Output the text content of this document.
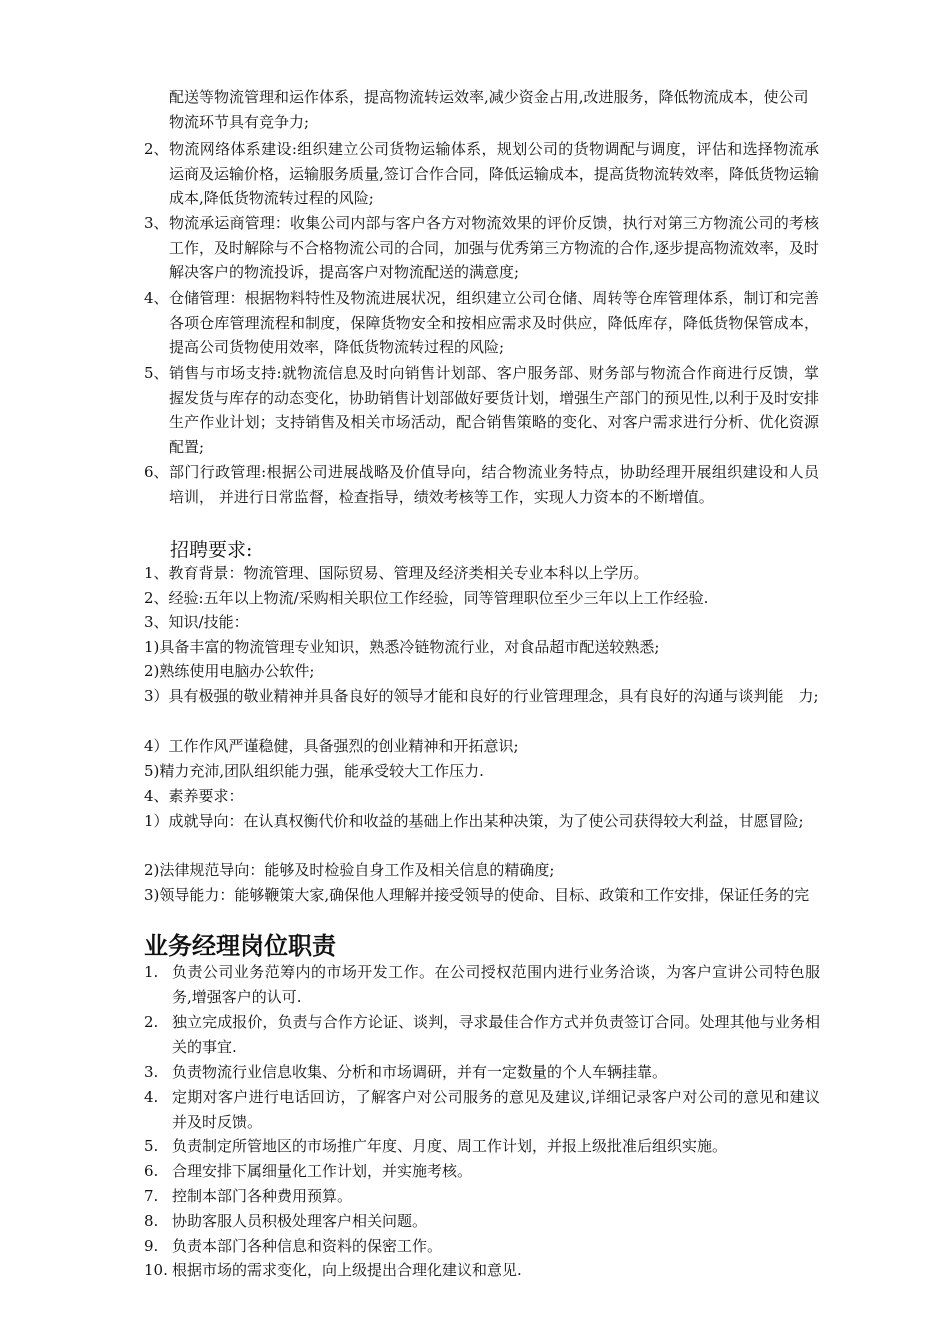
配送等物流管理和运作体系，提高物流转运效率,减少资金占用,改进服务，降低物流成本，使公司物流环节具有竞争力;
2、 物流网络体系建设:组织建立公司货物运输体系，规划公司的货物调配与调度，评估和选择物流承运商及运输价格，运输服务质量,签订合作合同，降低运输成本，提高货物流转效率，降低货物运输成本,降低货物流转过程的风险;
3、 物流承运商管理：收集公司内部与客户各方对物流效果的评价反馈，执行对第三方物流公司的考核工作，及时解除与不合格物流公司的合同，加强与优秀第三方物流的合作,逐步提高物流效率，及时解决客户的物流投诉，提高客户对物流配送的满意度;
4、 仓储管理：根据物料特性及物流进展状况，组织建立公司仓储、周转等仓库管理体系，制订和完善各项仓库管理流程和制度，保障货物安全和按相应需求及时供应，降低库存，降低货物保管成本，提高公司货物使用效率，降低货物流转过程的风险;
5、 销售与市场支持:就物流信息及时向销售计划部、客户服务部、财务部与物流合作商进行反馈，掌握发货与库存的动态变化，协助销售计划部做好要货计划，增强生产部门的预见性,以利于及时安排生产作业计划；支持销售及相关市场活动，配合销售策略的变化、对客户需求进行分析、优化资源配置;
6、 部门行政管理:根据公司进展战略及价值导向，结合物流业务特点，协助经理开展组织建设和人员培训， 并进行日常监督，检查指导，绩效考核等工作，实现人力资本的不断增值。
招聘要求:
1、教育背景：物流管理、国际贸易、管理及经济类相关专业本科以上学历。
2、经验:五年以上物流/采购相关职位工作经验，同等管理职位至少三年以上工作经验.
3、知识/技能：
1)具备丰富的物流管理专业知识，熟悉冷链物流行业，对食品超市配送较熟悉;
2)熟练使用电脑办公软件;
3）具有极强的敬业精神并具备良好的领导才能和良好的行业管理理念，具有良好的沟通与谈判能　力;
4）工作作风严谨稳健，具备强烈的创业精神和开拓意识;
5)精力充沛,团队组织能力强，能承受较大工作压力.
4、素养要求：
1）成就导向：在认真权衡代价和收益的基础上作出某种决策，为了使公司获得较大利益，甘愿冒险;
2)法律规范导向：能够及时检验自身工作及相关信息的精确度;
3)领导能力：能够鞭策大家,确保他人理解并接受领导的使命、目标、政策和工作安排，保证任务的完
业务经理岗位职责
1. 负责公司业务范筹内的市场开发工作。在公司授权范围内进行业务洽谈，为客户宣讲公司特色服务,增强客户的认可.
2. 独立完成报价，负责与合作方论证、谈判，寻求最佳合作方式并负责签订合同。处理其他与业务相关的事宜.
3. 负责物流行业信息收集、分析和市场调研，并有一定数量的个人车辆挂靠。
4. 定期对客户进行电话回访，了解客户对公司服务的意见及建议,详细记录客户对公司的意见和建议并及时反馈。
5. 负责制定所管地区的市场推广年度、月度、周工作计划，并报上级批准后组织实施。
6. 合理安排下属细量化工作计划，并实施考核。
7. 控制本部门各种费用预算。
8. 协助客服人员积极处理客户相关问题。
9. 负责本部门各种信息和资料的保密工作。
10. 根据市场的需求变化，向上级提出合理化建议和意见.
